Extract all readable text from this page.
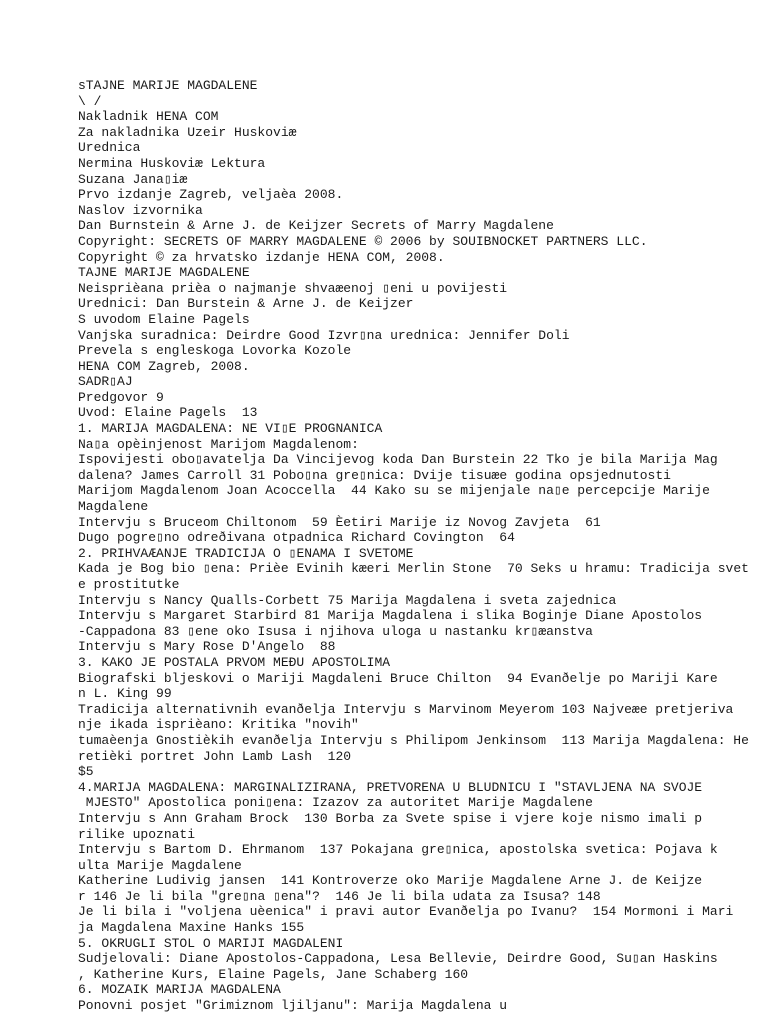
sTAJNE MARIJE MAGDALENE
\ /
Nakladnik HENA COM
Za nakladnika Uzeir Huskoviæ
Urednica
Nermina Huskoviæ Lektura
Suzana Jana▯iæ
Prvo izdanje Zagreb, veljaèa 2008.
Naslov izvornika
Dan Burnstein & Arne J. de Keijzer Secrets of Marry Magdalene
Copyright: SECRETS OF MARRY MAGDALENE © 2006 by SOUIBNOCKET PARTNERS LLC.
Copyright © za hrvatsko izdanje HENA COM, 2008.
TAJNE MARIJE MAGDALENE
Neisprièana prièa o najmanje shvaæenoj ▯eni u povijesti
Urednici: Dan Burstein & Arne J. de Keijzer
S uvodom Elaine Pagels
Vanjska suradnica: Deirdre Good Izvr▯na urednica: Jennifer Doli
Prevela s engleskoga Lovorka Kozole
HENA COM Zagreb, 2008.
SADR▯AJ
Predgovor 9
Uvod: Elaine Pagels  13
1. MARIJA MAGDALENA: NE VI▯E PROGNANICA
Na▯a opèinjenost Marijom Magdalenom:
Ispovijesti obo▯avatelja Da Vincijevog koda Dan Burstein 22 Tko je bila Marija Mag
dalena? James Carroll 31 Pobo▯na gre▯nica: Dvije tisuæe godina opsjednutosti
Marijom Magdalenom Joan Acoccella  44 Kako su se mijenjale na▯e percepcije Marije
Magdalene
Intervju s Bruceom Chiltonom  59 Èetiri Marije iz Novog Zavjeta  61
Dugo pogre▯no odreðivana otpadnica Richard Covington  64
2. PRIHVAÆANJE TRADICIJA O ▯ENAMA I SVETOME
Kada je Bog bio ▯ena: Prièe Evinih kæeri Merlin Stone  70 Seks u hramu: Tradicija svet
e prostitutke
Intervju s Nancy Qualls-Corbett 75 Marija Magdalena i sveta zajednica
Intervju s Margaret Starbird 81 Marija Magdalena i slika Boginje Diane Apostolos
-Cappadona 83 ▯ene oko Isusa i njihova uloga u nastanku kr▯æanstva
Intervju s Mary Rose D'Angelo  88
3. KAKO JE POSTALA PRVOM MEÐU APOSTOLIMA
Biografski bljeskovi o Mariji Magdaleni Bruce Chilton  94 Evanðelje po Mariji Kare
n L. King 99
Tradicija alternativnih evanðelja Intervju s Marvinom Meyerom 103 Najveæe pretjeriva
nje ikada isprièano: Kritika "novih"
tumaèenja Gnostièkih evanðelja Intervju s Philipom Jenkinsom  113 Marija Magdalena: He
retièki portret John Lamb Lash  120
$5
4.MARIJA MAGDALENA: MARGINALIZIRANA, PRETVORENA U BLUDNICU I "STAVLJENA NA SVOJE
MJESTO" Apostolica poni▯ena: Izazov za autoritet Marije Magdalene
Intervju s Ann Graham Brock  130 Borba za Svete spise i vjere koje nismo imali p
rilike upoznati
Intervju s Bartom D. Ehrmanom  137 Pokajana gre▯nica, apostolska svetica: Pojava k
ulta Marije Magdalene
Katherine Ludivig jansen  141 Kontroverze oko Marije Magdalene Arne J. de Keijze
r 146 Je li bila "gre▯na ▯ena"?  146 Je li bila udata za Isusa? 148
Je li bila i "voljena uèenica" i pravi autor Evanðelja po Ivanu?  154 Mormoni i Mari
ja Magdalena Maxine Hanks 155
5. OKRUGLI STOL O MARIJI MAGDALENI
Sudjelovali: Diane Apostolos-Cappadona, Lesa Bellevie, Deirdre Good, Su▯an Haskins
, Katherine Kurs, Elaine Pagels, Jane Schaberg 160
6. MOZAIK MARIJA MAGDALENA
Ponovni posjet "Grimiznom ljiljanu": Marija Magdalena u
